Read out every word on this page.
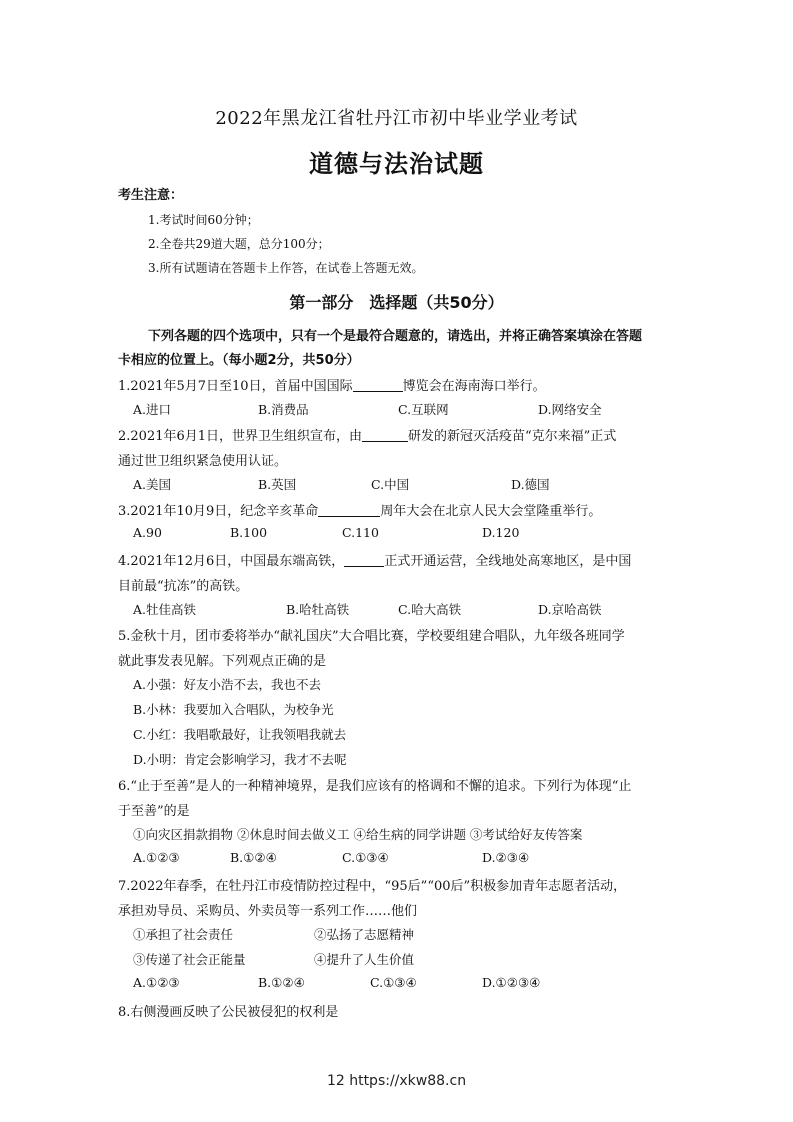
2022年黑龙江省牡丹江市初中毕业学业考试
道德与法治试题
考生注意：
1.考试时间60分钟；
2.全卷共29道大题，总分100分；
3.所有试题请在答题卡上作答，在试卷上答题无效。
第一部分　选择题（共50分）
下列各题的四个选项中，只有一个是最符合题意的，请选出，并将正确答案填涂在答题
卡相应的位置上。（每小题2分，共50分）
1.2021年5月7日至10日，首届中国国际	博览会在海南海口举行。
A.进口	B.消费品	C.互联网	D.网络安全
2.2021年6月1日，世界卫生组织宣布，由	研发的新冠灭活疫苗“克尔来福”正式
通过世卫组织紧急使用认证。
A.美国	B.英国	C.中国	D.德国
3.2021年10月9日，纪念辛亥革命	周年大会在北京人民大会堂隆重举行。
A.90	B.100	C.110	D.120
4.2021年12月6日，中国最东端高铁，	正式开通运营，全线地处高寒地区，是中国
目前最“抗冻”的高铁。
A.牡佳高铁	B.哈牡高铁	C.哈大高铁	D.京哈高铁
5.金秋十月，团市委将举办“献礼国庆”大合唱比赛，学校要组建合唱队，九年级各班同学
就此事发表见解。下列观点正确的是
A.小强：好友小浩不去，我也不去
B.小林：我要加入合唱队，为校争光
C.小红：我唱歌最好，让我领唱我就去
D.小明：肯定会影响学习，我才不去呢
6.“止于至善”是人的一种精神境界，是我们应该有的格调和不懈的追求。下列行为体现“止
于至善”的是
①向灾区捐款捐物 ②休息时间去做义工 ④给生病的同学讲题 ③考试给好友传答案
A.①②③	B.①②④	C.①③④	D.②③④
7.2022年春季，在牡丹江市疫情防控过程中，“95后”“00后”积极参加青年志愿者活动，
承担劝导员、采购员、外卖员等一系列工作……他们
①承担了社会责任	②弘扬了志愿精神
③传递了社会正能量	④提升了人生价值
A.①②③	B.①②④	C.①③④	D.①②③④
8.右侧漫画反映了公民被侵犯的权利是
12 https://xkw88.cn
